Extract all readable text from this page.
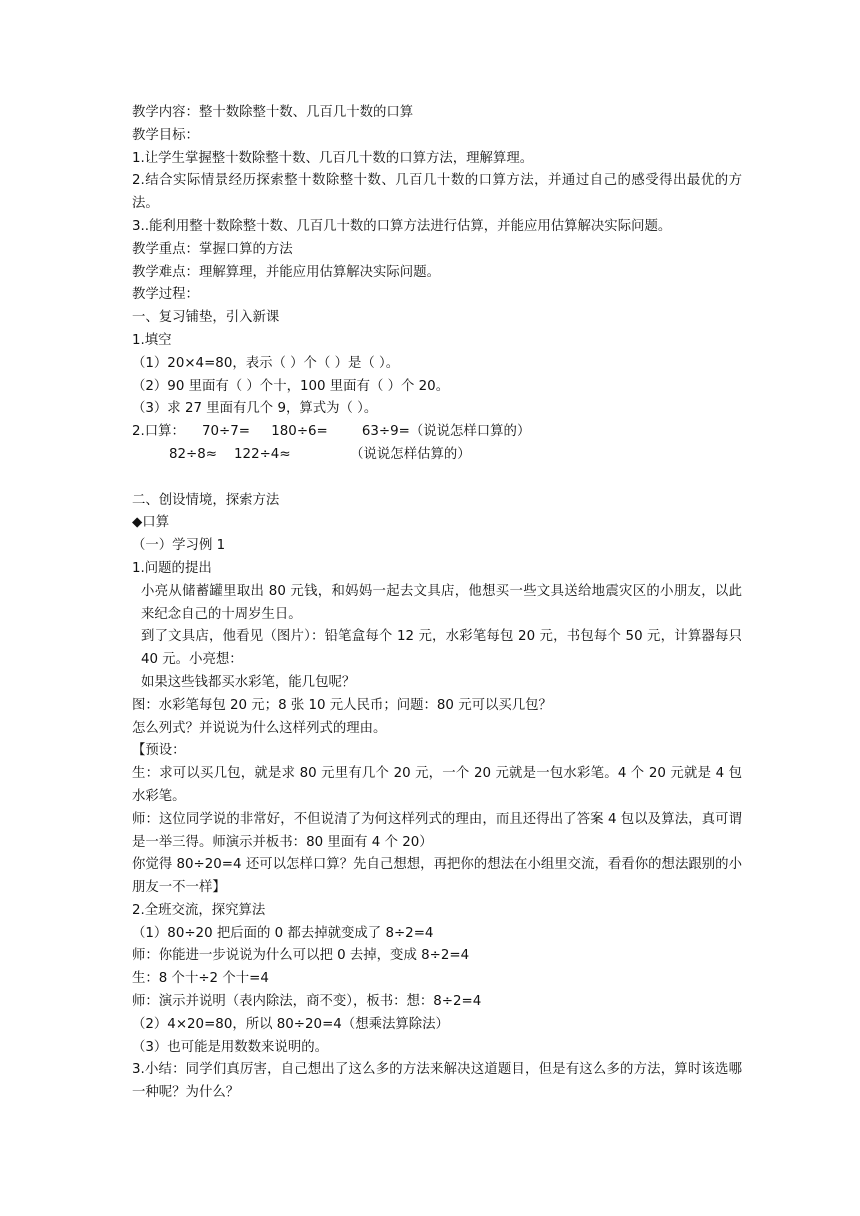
教学内容：整十数除整十数、几百几十数的口算
教学目标：
1.让学生掌握整十数除整十数、几百几十数的口算方法，理解算理。
2.结合实际情景经历探索整十数除整十数、几百几十数的口算方法，并通过自己的感受得出最优的方法。
3..能利用整十数除整十数、几百几十数的口算方法进行估算，并能应用估算解决实际问题。
教学重点：掌握口算的方法
教学难点：理解算理，并能应用估算解决实际问题。
教学过程：
一、复习铺垫，引入新课
1.填空
（1）20×4=80，表示（ ）个（ ）是（ ）。
（2）90 里面有（ ）个十，100 里面有（ ）个 20。
（3）求 27 里面有几个 9，算式为（ ）。
2.口算：    70÷7=     180÷6=        63÷9=（说说怎样口算的）
82÷8≈    122÷4≈              （说说怎样估算的）
二、创设情境，探索方法
◆口算
（一）学习例 1
1.问题的提出
小亮从储蓄罐里取出 80 元钱，和妈妈一起去文具店，他想买一些文具送给地震灾区的小朋友，以此来纪念自己的十周岁生日。
到了文具店，他看见（图片）：铅笔盒每个 12 元，水彩笔每包 20 元，书包每个 50 元，计算器每只 40 元。小亮想：
如果这些钱都买水彩笔，能几包呢？
图：水彩笔每包 20 元；8 张 10 元人民币；问题：80 元可以买几包？
怎么列式？并说说为什么这样列式的理由。
【预设：
生：求可以买几包，就是求 80 元里有几个 20 元，一个 20 元就是一包水彩笔。4 个 20 元就是 4 包水彩笔。
师：这位同学说的非常好，不但说清了为何这样列式的理由，而且还得出了答案 4 包以及算法，真可谓是一举三得。师演示并板书：80 里面有 4 个 20）
你觉得 80÷20=4 还可以怎样口算？先自己想想，再把你的想法在小组里交流，看看你的想法跟别的小朋友一不一样】
2.全班交流，探究算法
（1）80÷20 把后面的 0 都去掉就变成了 8÷2=4
师：你能进一步说说为什么可以把 0 去掉，变成 8÷2=4
生：8 个十÷2 个十=4
师：演示并说明（表内除法，商不变），板书：想：8÷2=4
（2）4×20=80，所以 80÷20=4（想乘法算除法）
（3）也可能是用数数来说明的。
3.小结：同学们真厉害，自己想出了这么多的方法来解决这道题目，但是有这么多的方法，算时该选哪一种呢？为什么？
